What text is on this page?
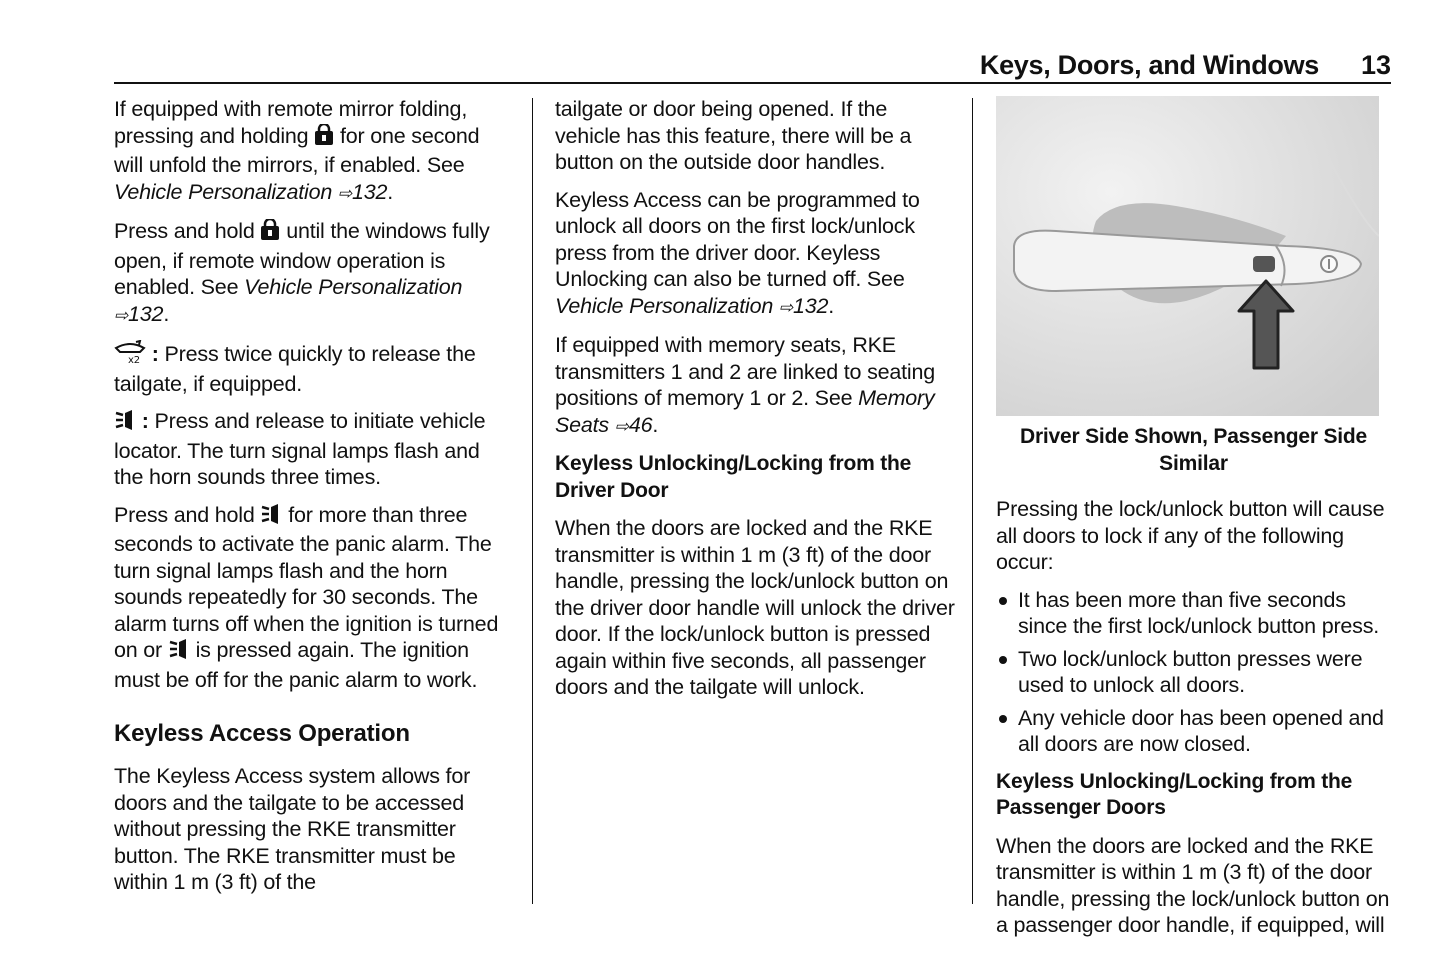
Keys, Doors, and Windows 13

If equipped with remote mirror folding, pressing and holding for one second will unfold the mirrors, if enabled. See Vehicle Personalization ⇨132.

Press and hold until the windows fully open, if remote window operation is enabled. See Vehicle Personalization ⇨132.

x2 : Press twice quickly to release the tailgate, if equipped.

: Press and release to initiate vehicle locator. The turn signal lamps flash and the horn sounds three times.

Press and hold for more than three seconds to activate the panic alarm. The turn signal lamps flash and the horn sounds repeatedly for 30 seconds. The alarm turns off when the ignition is turned on or is pressed again. The ignition must be off for the panic alarm to work.

Keyless Access Operation

The Keyless Access system allows for doors and the tailgate to be accessed without pressing the RKE transmitter button. The RKE transmitter must be within 1 m (3 ft) of the

tailgate or door being opened. If the vehicle has this feature, there will be a button on the outside door handles.

Keyless Access can be programmed to unlock all doors on the first lock/unlock press from the driver door. Keyless Unlocking can also be turned off. See Vehicle Personalization ⇨132.

If equipped with memory seats, RKE transmitters 1 and 2 are linked to seating positions of memory 1 or 2. See Memory Seats ⇨46.

Keyless Unlocking/Locking from the Driver Door

When the doors are locked and the RKE transmitter is within 1 m (3 ft) of the door handle, pressing the lock/unlock button on the driver door handle will unlock the driver door. If the lock/unlock button is pressed again within five seconds, all passenger doors and the tailgate will unlock.

Driver Side Shown, Passenger Side Similar

Pressing the lock/unlock button will cause all doors to lock if any of the following occur:

It has been more than five seconds since the first lock/unlock button press.
Two lock/unlock button presses were used to unlock all doors.
Any vehicle door has been opened and all doors are now closed.
Keyless Unlocking/Locking from the Passenger Doors

When the doors are locked and the RKE transmitter is within 1 m (3 ft) of the door handle, pressing the lock/unlock button on a passenger door handle, if equipped, will
